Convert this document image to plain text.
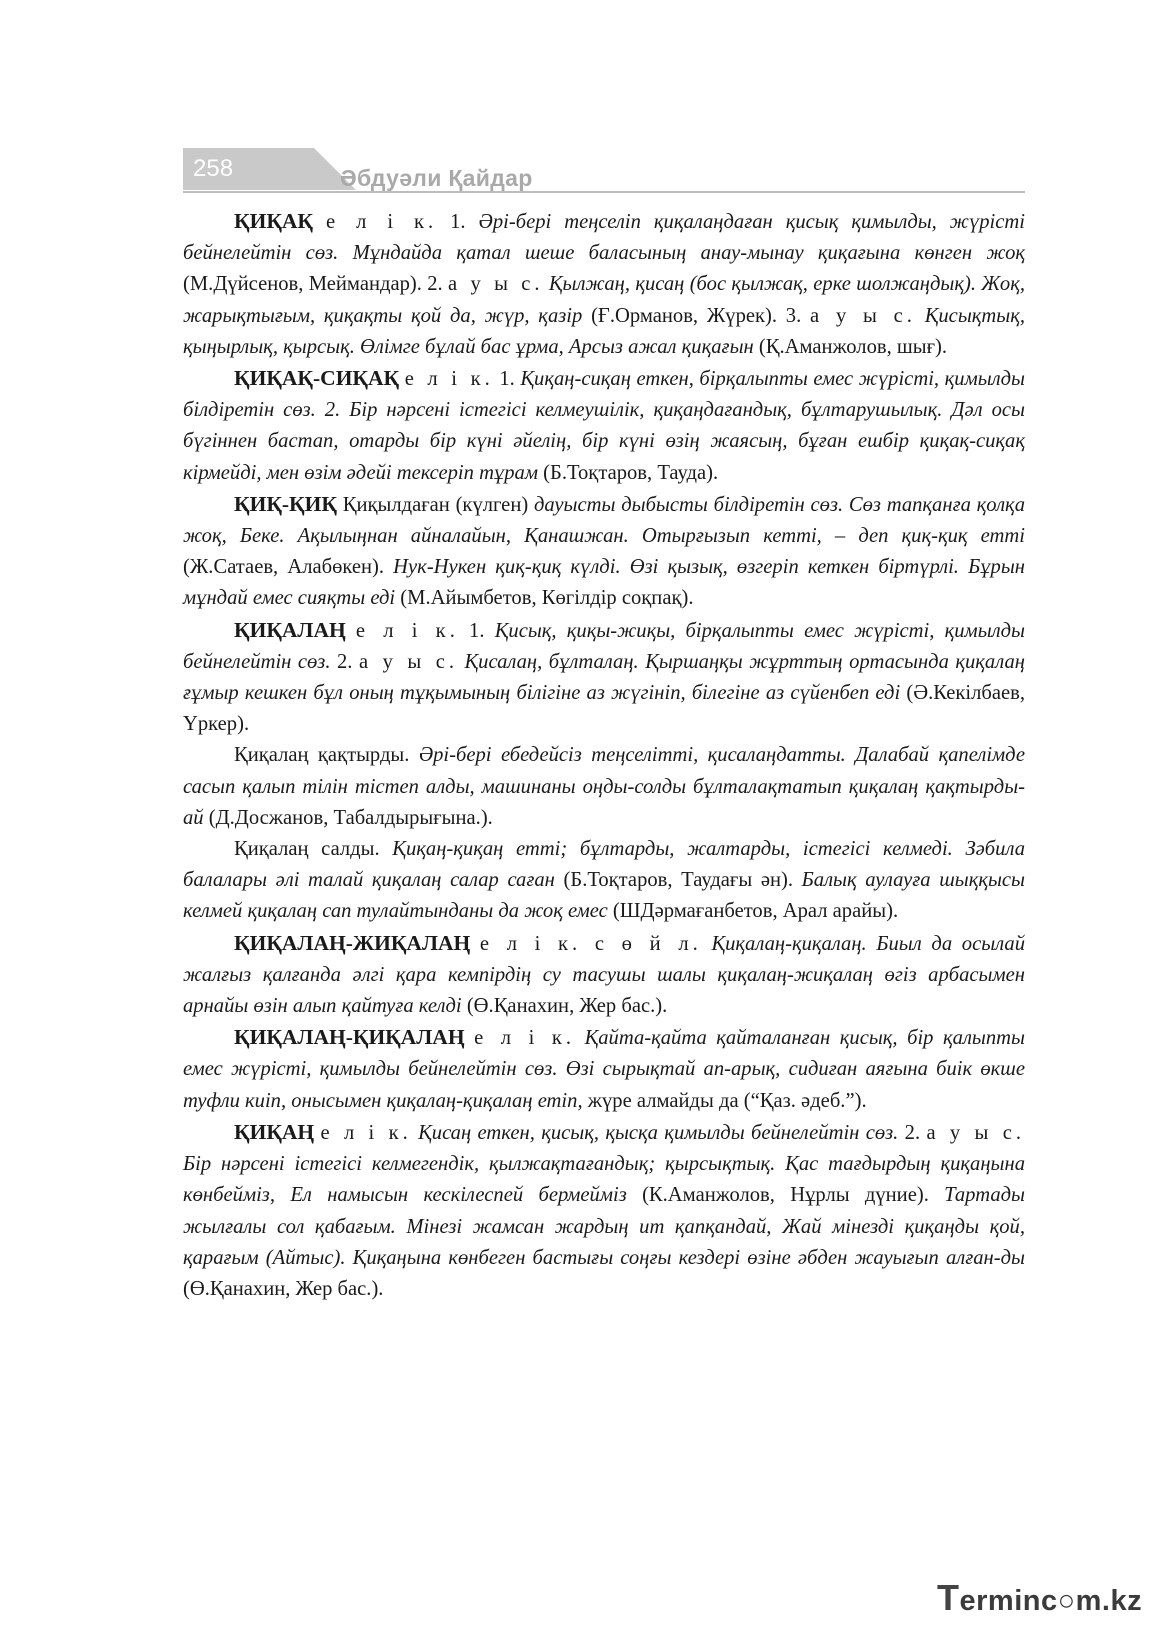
258	Әбдуәли Қайдар

ҚИҚАҚ е л і к. 1. Әрі-бері теңселіп қиқалаңдаған қисық қимылды, жүрісті бейнелейтін сөз. Мұндайда қатал шеше баласының анау-мынау қиқағына көнген жоқ (М.Дүйсенов, Меймандар). 2. а у ы с. Қылжаң, қисаң (бос қылжақ, ерке шолжаңдық). Жоқ, жарықтығым, қиқақты қой да, жүр, қазір (Ғ.Орманов, Жүрек). 3. а у ы с. Қисықтық, қыңырлық, қырсық. Өлімге бұлай бас ұрма, Арсыз ажал қиқағын (Қ.Аманжолов, шығ).

ҚИҚАҚ-СИҚАҚ е л і к. 1. Қиқаң-сиқаң еткен, бірқалыпты емес жүрісті, қимылды білдіретін сөз. 2. Бір нәрсені істегісі келмеушілік, қиқаңдағандық, бұлтарушылық. Дәл осы бүгіннен бастап, отарды бір күні әйелің, бір күні өзің жаясың, бұған ешбір қиқақ-сиқақ кірмейді, мен өзім әдейі тексеріп тұрам (Б.Тоқтаров, Тауда).

ҚИҚ-ҚИҚ Қиқылдаған (күлген) дауысты дыбысты білдіретін сөз. Сөз тапқанға қолқа жоқ, Беке. Ақылыңнан айналайын, Қанашжан. Отырғызып кетті, – деп қиқ-қиқ етті (Ж.Сатаев, Алабөкен). Нук-Нукен қиқ-қиқ күлді. Өзі қызық, өзгеріп кеткен біртүрлі. Бұрын мұндай емес сияқты еді (М.Айымбетов, Көгілдір соқпақ).

ҚИҚАЛАҢ е л і к. 1. Қисық, қиқы-жиқы, бірқалыпты емес жүрісті, қимылды бейнелейтін сөз. 2. а у ы с. Қисалаң, бұлталаң. Қыршаңқы жұрттың ортасында қиқалаң ғұмыр кешкен бұл оның тұқымының білігіне аз жүгініп, білегіне аз сүйенбеп еді (Ә.Кекілбаев, Үркер).

Қиқалаң қақтырды. Әрі-бері ебедейсіз теңселітті, қисалаңдатты. Далабай қапелімде сасып қалып тілін тістеп алды, машинаны оңды-солды бұлталақтатып қиқалаң қақтырды-ай (Д.Досжанов, Табалдырығына.).

Қиқалаң салды. Қиқаң-қиқаң етті; бұлтарды, жалтарды, істегісі келмеді. Зәбила балалары әлі талай қиқалаң салар саған (Б.Тоқтаров, Таудағы ән). Балық аулауға шыққысы келмей қиқалаң сап тулайтынданы да жоқ емес (ШДәрмағанбетов, Арал арайы).

ҚИҚАЛАҢ-ЖИҚАЛАҢ е л і к. с ө й л. Қиқалаң-қиқалаң. Биыл да осылай жалғыз қалғанда әлгі қара кемпірдің су тасушы шалы қиқалаң-жиқалаң өгіз арбасымен арнайы өзін алып қайтуға келді (Ө.Қанахин, Жер бас.).

ҚИҚАЛАҢ-ҚИҚАЛАҢ е л і к. Қайта-қайта қайталанған қисық, бір қалыпты емес жүрісті, қимылды бейнелейтін сөз. Өзі сырықтай ап-арық, сидиған аяғына биік өкше туфли киіп, онысымен қиқалаң-қиқалаң етіп, жүре алмайды да (“Қаз. әдеб.”).

ҚИҚАҢ е л і к. Қисаң еткен, қисық, қысқа қимылды бейнелейтін сөз. 2. а у ы с. Бір нәрсені істегісі келмегендік, қылжақтағандық; қырсықтық. Қас тағдырдың қиқаңына көнбейміз, Ел намысын кескілеспей бермейміз (К.Аманжолов, Нұрлы дүние). Тартады жылғалы сол қабағым. Мінезі жамсан жардың ит қапқандай, Жай мінезді қиқаңды қой, қарағым (Айтыс). Қиқаңына көнбеген бастығы соңғы кездері өзіне әбден жауығып алған-ды (Ө.Қанахин, Жер бас.).

Terminc○m.kz
